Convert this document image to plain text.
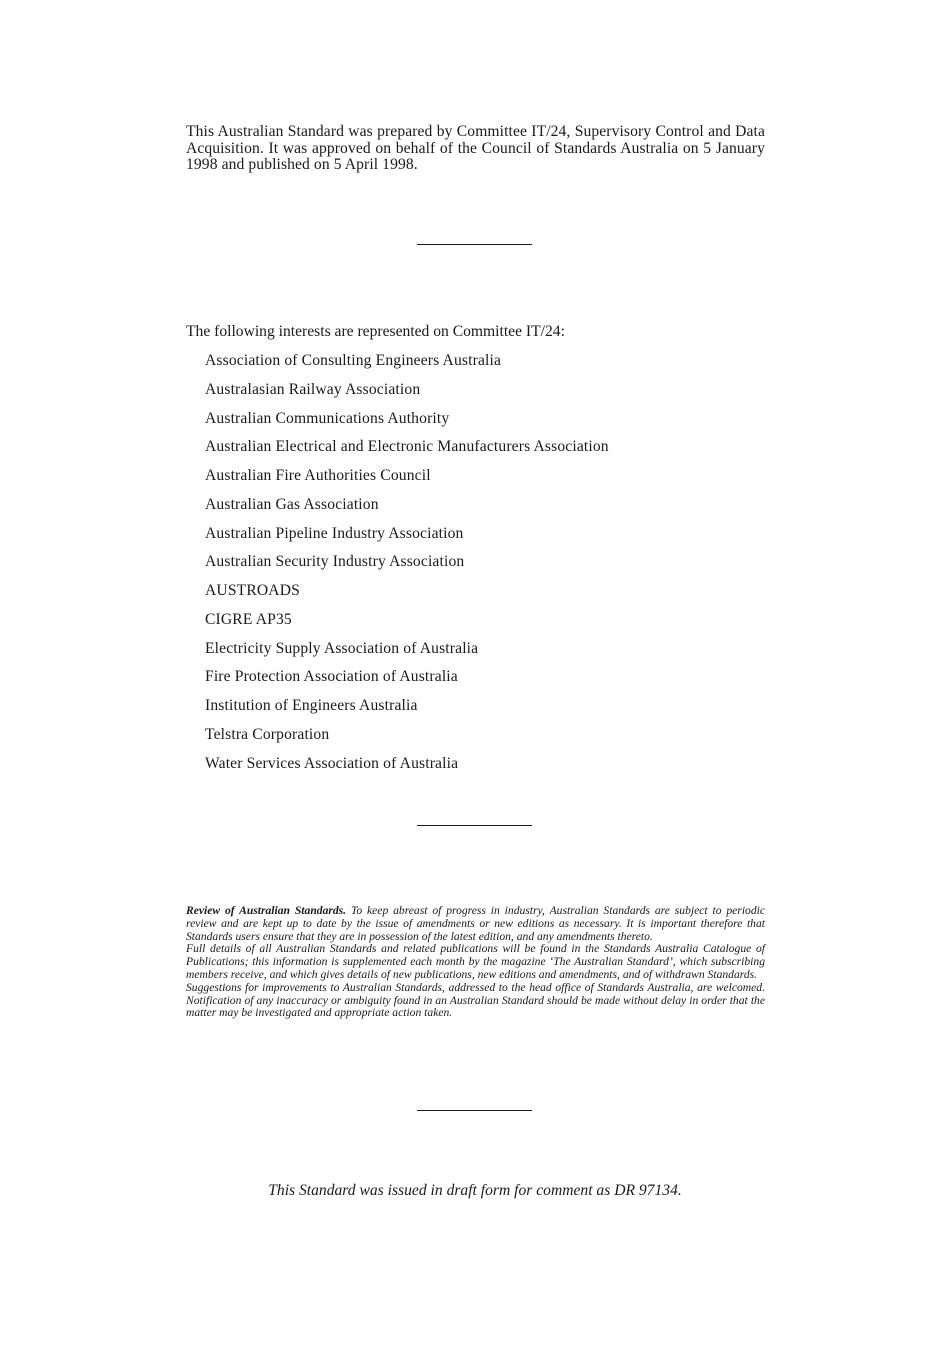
This Australian Standard was prepared by Committee IT/24, Supervisory Control and Data Acquisition. It was approved on behalf of the Council of Standards Australia on 5 January 1998 and published on 5 April 1998.

The following interests are represented on Committee IT/24:
Association of Consulting Engineers Australia
Australasian Railway Association
Australian Communications Authority
Australian Electrical and Electronic Manufacturers Association
Australian Fire Authorities Council
Australian Gas Association
Australian Pipeline Industry Association
Australian Security Industry Association
AUSTROADS
CIGRE AP35
Electricity Supply Association of Australia
Fire Protection Association of Australia
Institution of Engineers Australia
Telstra Corporation
Water Services Association of Australia

Review of Australian Standards. To keep abreast of progress in industry, Australian Standards are subject to periodic review and are kept up to date by the issue of amendments or new editions as necessary. It is important therefore that Standards users ensure that they are in possession of the latest edition, and any amendments thereto.

Full details of all Australian Standards and related publications will be found in the Standards Australia Catalogue of Publications; this information is supplemented each month by the magazine ‘The Australian Standard’, which subscribing members receive, and which gives details of new publications, new editions and amendments, and of withdrawn Standards.

Suggestions for improvements to Australian Standards, addressed to the head office of Standards Australia, are welcomed. Notification of any inaccuracy or ambiguity found in an Australian Standard should be made without delay in order that the matter may be investigated and appropriate action taken.

This Standard was issued in draft form for comment as DR 97134.
